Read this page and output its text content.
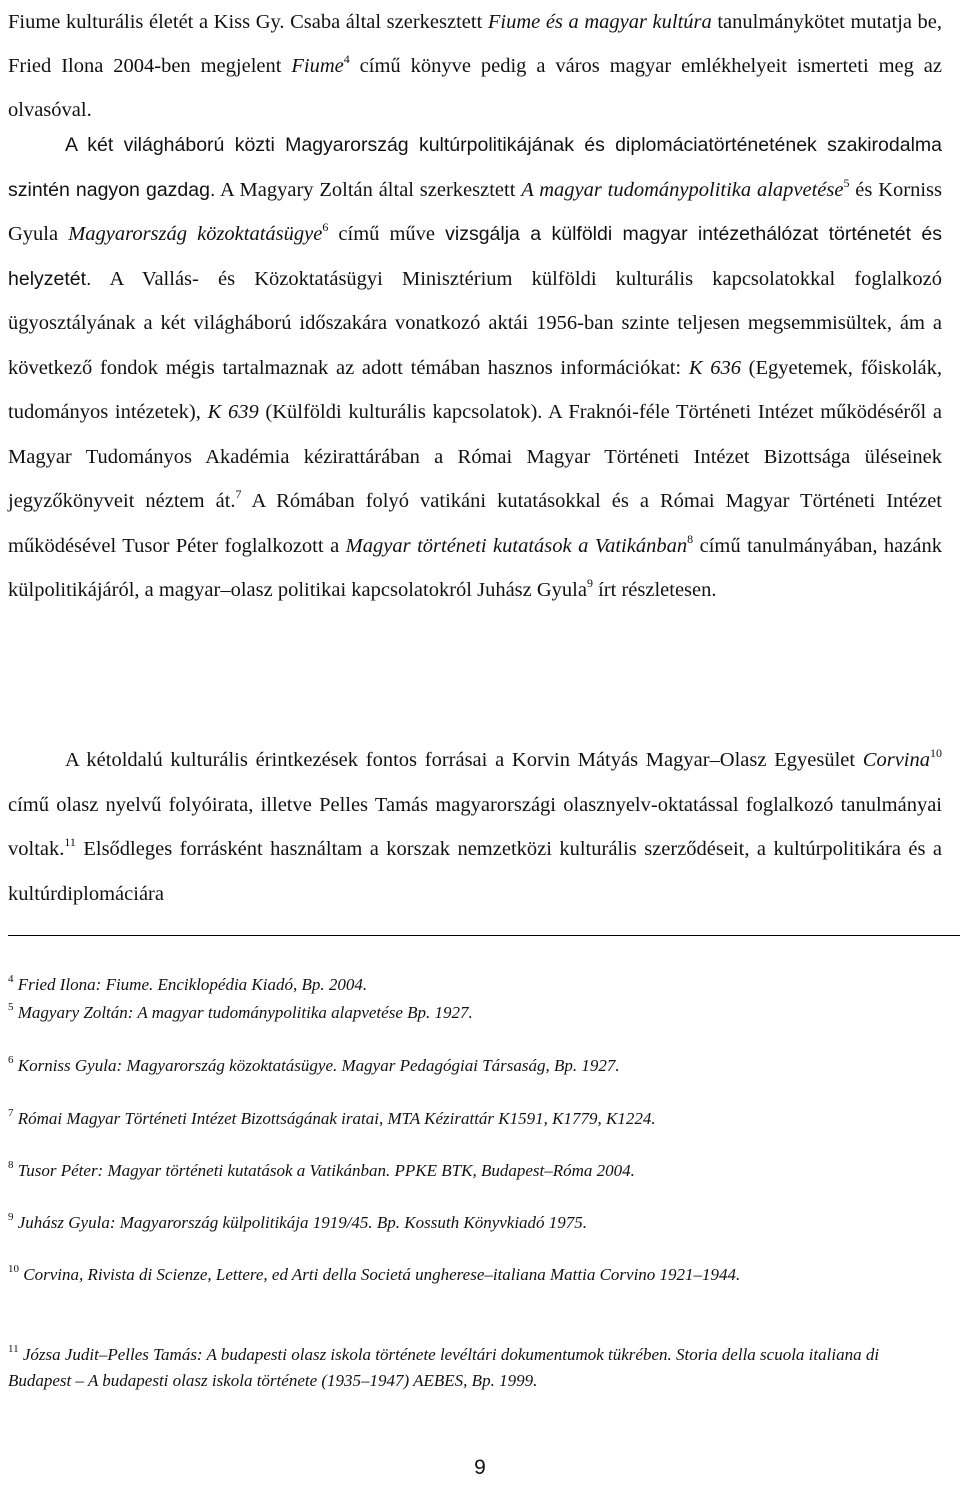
Fiume kulturális életét a Kiss Gy. Csaba által szerkesztett Fiume és a magyar kultúra tanulmánykötet mutatja be, Fried Ilona 2004-ben megjelent Fiume$^4$ című könyve pedig a város magyar emlékhelyeit ismerteti meg az olvasóval.

A két világháború közti Magyarország kultúrpolitikájának és diplomáciatörténetének szakirodalma szintén nagyon gazdag. A Magyary Zoltán által szerkesztett A magyar tudománypolitika alapvetése$^5$ és Korniss Gyula Magyarország közoktatásügye$^6$ című műve vizsgálja a külföldi magyar intézethálózat történetét és helyzetét. A Vallás- és Közoktatásügyi Minisztérium külföldi kulturális kapcsolatokkal foglalkozó ügyosztályának a két világháború időszakára vonatkozó aktái 1956-ban szinte teljesen megsemmisültek, ám a következő fondok mégis tartalmaznak az adott témában hasznos információkat: K 636 (Egyetemek, főiskolák, tudományos intézetek), K 639 (Külföldi kulturális kapcsolatok). A Fraknói-féle Történeti Intézet működéséről a Magyar Tudományos Akadémia kézirattárában a Római Magyar Történeti Intézet Bizottsága üléseinek jegyzőkönyveit néztem át.$^7$ A Rómában folyó vatikáni kutatásokkal és a Római Magyar Történeti Intézet működésével Tusor Péter foglalkozott a Magyar történeti kutatások a Vatikánban$^8$ című tanulmányában, hazánk külpolitikájáról, a magyar–olasz politikai kapcsolatokról Juhász Gyula$^9$ írt részletesen.

A kétoldalú kulturális érintkezések fontos forrásai a Korvin Mátyás Magyar–Olasz Egyesület Corvina$^{10}$ című olasz nyelvű folyóirata, illetve Pelles Tamás magyarországi olasznyelv-oktatással foglalkozó tanulmányai voltak.$^{11}$ Elsődleges forrásként használtam a korszak nemzetközi kulturális szerződéseit, a kultúrpolitikára és a kultúrdiplomáciára

$^4$ Fried Ilona: Fiume. Enciklopédia Kiadó, Bp. 2004.

$^5$ Magyary Zoltán: A magyar tudománypolitika alapvetése Bp. 1927.

$^6$ Korniss Gyula: Magyarország közoktatásügye. Magyar Pedagógiai Társaság, Bp. 1927.

$^7$ Római Magyar Történeti Intézet Bizottságának iratai, MTA Kézirattár K1591, K1779, K1224.

$^8$ Tusor Péter: Magyar történeti kutatások a Vatikánban. PPKE BTK, Budapest–Róma 2004.

$^9$ Juhász Gyula: Magyarország külpolitikája 1919/45. Bp. Kossuth Könyvkiadó 1975.

$^{10}$ Corvina, Rivista di Scienze, Lettere, ed Arti della Societá ungherese–italiana Mattia Corvino 1921–1944.

$^{11}$ Józsa Judit–Pelles Tamás: A budapesti olasz iskola története levéltári dokumentumok tükrében. Storia della scuola italiana di Budapest – A budapesti olasz iskola története (1935–1947) AEBES, Bp. 1999.

9
